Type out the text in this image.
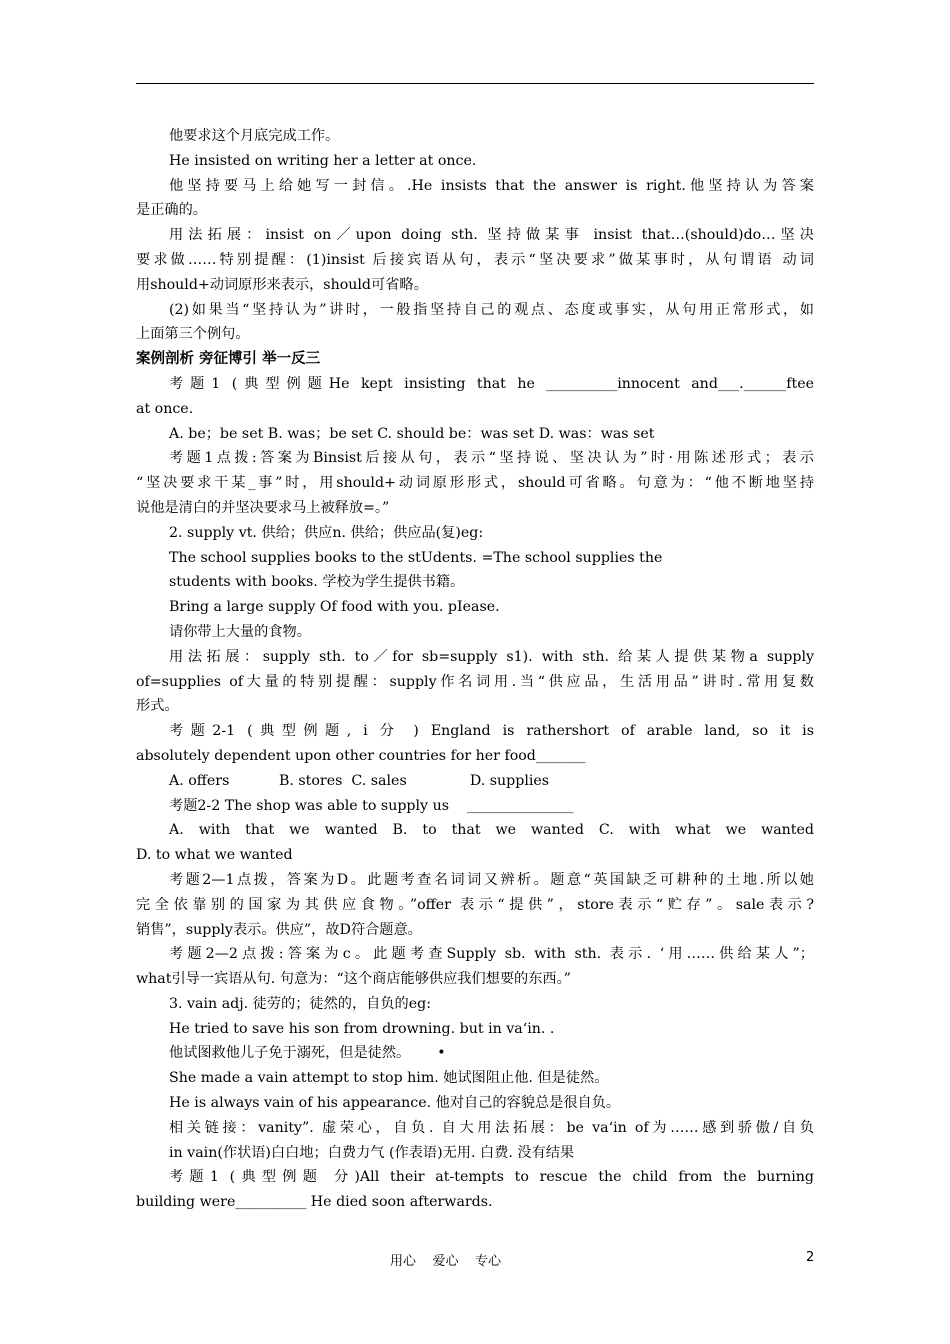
他要求这个月底完成工作。
He insisted on writing her a letter at once.
他坚持要马上给她写一封信。.He insists that the answer is right.他坚持认为答案
是正确的。
用法拓展：insist on／upon doing sth. 坚持做某事 insist that…(should)do…坚决
要求做……特别提醒：(1)insist 后接宾语从句，表示“坚决要求”做某事时，从句谓语 动词
用should+动词原形来表示，should可省略。
(2)如果当“坚持认为”讲时，一般指坚持自己的观点、态度或事实，从句用正常形式，如
上面第三个例句。
案例剖析 旁征博引 举一反三
考题1 (典型例题He kept insisting that he __________innocent and___.______ftee
at once.
A. be；be set B. was；be set C. should be：was set D. was：was set
考题1点拨:答案为Binsist后接从句，表示“坚持说、坚决认为”时·用陈述形式；表示
“坚决要求干某_事”时，用should+动词原形形式，should可省略。句意为：“他不断地坚持
说他是清白的并坚决要求马上被释放=。”
2. supply vt. 供给；供应n. 供给；供应品(复)eg:
The school supplies books to the stUdents. =The school supplies the
students with books. 学校为学生提供书籍。
Bring a large supply Of food with you. pIease.
请你带上大量的食物。
用法拓展：supply sth. to／for sb=supply s1). with sth. 给某人提供某物a supply
of=supplies of大量的特别提醒：supply作名词用.当“供应品，生活用品”讲时.常用复数
形式。
考题2-1 (典型例题, i 分 ) England is rathershort of arable land, so it is
absolutely dependent upon other countries for her food_______
A. offers           B. stores  C. sales              D. supplies
考题2-2 The shop was able to supply us    _______________
A. with that we wanted B. to that we wanted C. with what we wanted
D. to what we wanted
考题2—1点拨，答案为D。此题考查名词词又辨析。题意“英国缺乏可耕种的土地.所以她
完全依靠别的国家为其供应食物。”offer 表示“提供”，store表示“贮存”。sale表示?
销售”，supply表示。供应”，故D符合题意。
考题2—2点拨:答案为c。此题考查Supply sb. with sth. 表示. ‘用……供给某人”；
what引导一宾语从句. 句意为：“这个商店能够供应我们想要的东西。”
3. vain adj. 徒劳的；徒然的，自负的eg:
He tried to save his son from drowning. but in va‘in. .
他试图救他儿子免于溺死，但是徒然。      •
She made a vain attempt to stop him. 她试图阻止他. 但是徒然。
He is always vain of his appearance. 他对自己的容貌总是很自负。
相关链接：vanity”. 虚荣心，自负. 自大用法拓展：be va‘in of为……感到骄傲/自负
in vain(作状语)白白地；白费力气 (作表语)无用. 白费. 没有结果
考题1 (典型例题 分)All their at-tempts to rescue the child from the burning
building were__________ He died soon afterwards.
用心    爱心    专心	2
